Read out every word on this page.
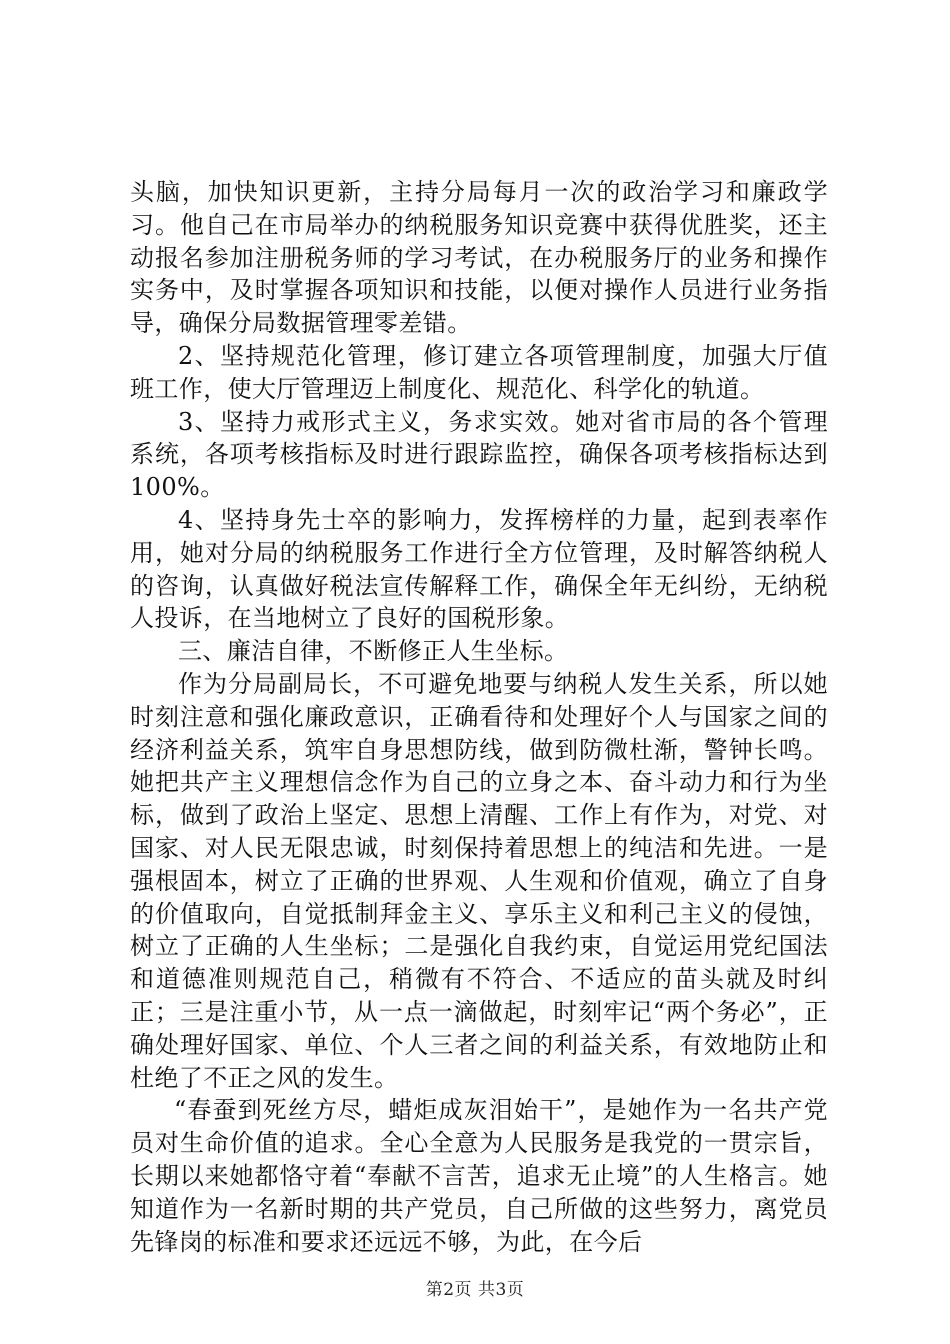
头脑，加快知识更新，主持分局每月一次的政治学习和廉政学习。他自己在市局举办的纳税服务知识竞赛中获得优胜奖，还主动报名参加注册税务师的学习考试，在办税服务厅的业务和操作实务中，及时掌握各项知识和技能，以便对操作人员进行业务指导，确保分局数据管理零差错。

2、坚持规范化管理，修订建立各项管理制度，加强大厅值班工作，使大厅管理迈上制度化、规范化、科学化的轨道。

3、坚持力戒形式主义，务求实效。她对省市局的各个管理系统，各项考核指标及时进行跟踪监控，确保各项考核指标达到100%。

4、坚持身先士卒的影响力，发挥榜样的力量，起到表率作用，她对分局的纳税服务工作进行全方位管理，及时解答纳税人的咨询，认真做好税法宣传解释工作，确保全年无纠纷，无纳税人投诉，在当地树立了良好的国税形象。

三、廉洁自律，不断修正人生坐标。

作为分局副局长，不可避免地要与纳税人发生关系，所以她时刻注意和强化廉政意识，正确看待和处理好个人与国家之间的经济利益关系，筑牢自身思想防线，做到防微杜渐，警钟长鸣。她把共产主义理想信念作为自己的立身之本、奋斗动力和行为坐标，做到了政治上坚定、思想上清醒、工作上有作为，对党、对国家、对人民无限忠诚，时刻保持着思想上的纯洁和先进。一是强根固本，树立了正确的世界观、人生观和价值观，确立了自身的价值取向，自觉抵制拜金主义、享乐主义和利己主义的侵蚀，树立了正确的人生坐标；二是强化自我约束，自觉运用党纪国法和道德准则规范自己，稍微有不符合、不适应的苗头就及时纠正；三是注重小节，从一点一滴做起，时刻牢记“两个务必”，正确处理好国家、单位、个人三者之间的利益关系，有效地防止和杜绝了不正之风的发生。

“春蚕到死丝方尽，蜡炬成灰泪始干”，是她作为一名共产党员对生命价值的追求。全心全意为人民服务是我党的一贯宗旨，长期以来她都恪守着“奉献不言苦，追求无止境”的人生格言。她知道作为一名新时期的共产党员，自己所做的这些努力，离党员先锋岗的标准和要求还远远不够，为此，在今后

第2页 共3页
